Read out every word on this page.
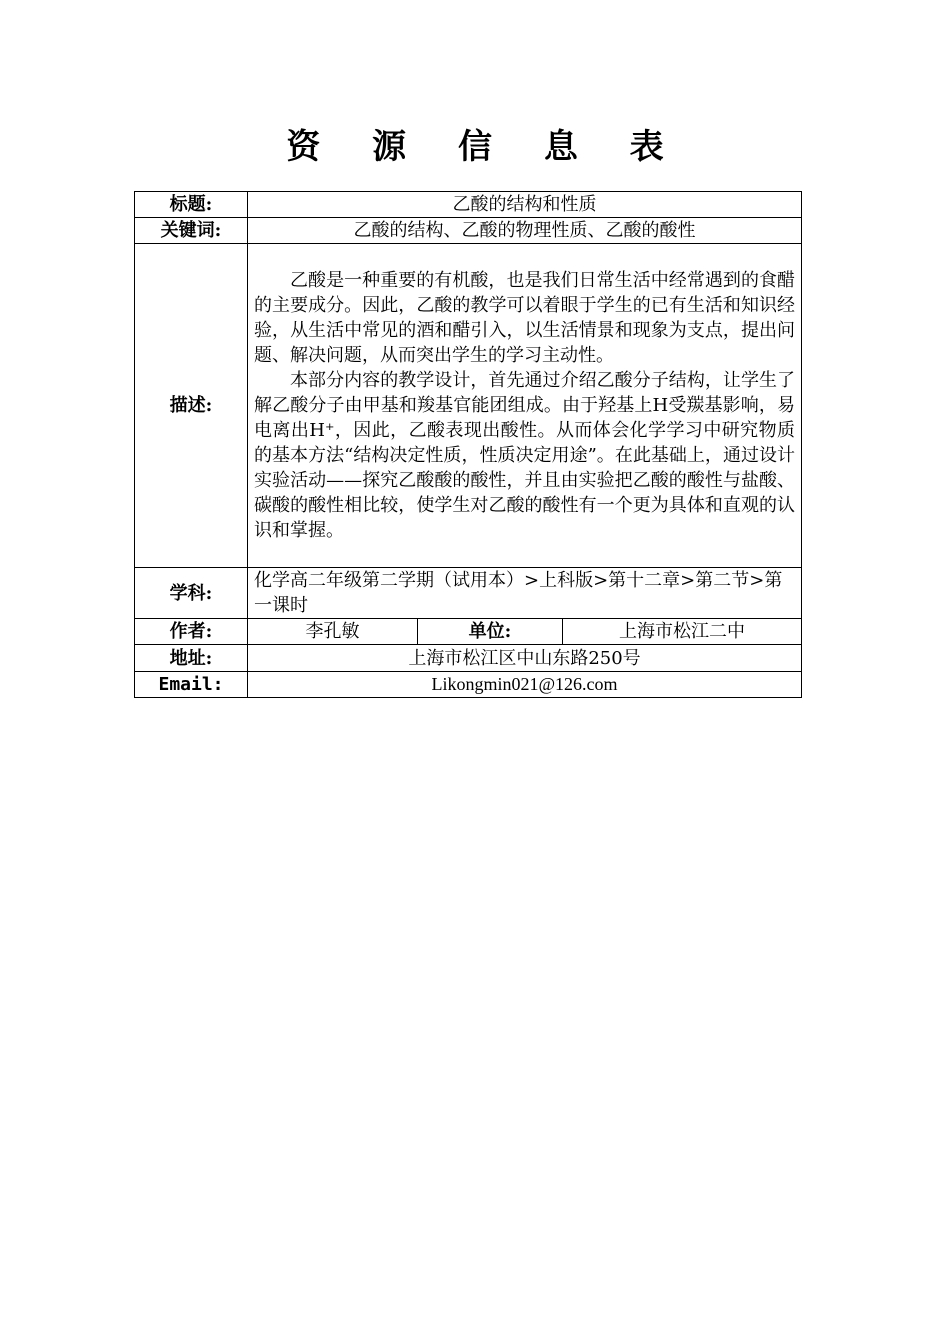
资 源 信 息 表
标题:	乙酸的结构和性质		
关键词:	乙酸的结构、乙酸的物理性质、乙酸的酸性		
描述:	乙酸是一种重要的有机酸，也是我们日常生活中经常遇到的食醋的主要成分。因此，乙酸的教学可以着眼于学生的已有生活和知识经验，从生活中常见的酒和醋引入，以生活情景和现象为支点，提出问题、解决问题，从而突出学生的学习主动性。

本部分内容的教学设计，首先通过介绍乙酸分子结构，让学生了解乙酸分子由甲基和羧基官能团组成。由于羟基上H受羰基影响，易电离出H⁺，因此，乙酸表现出酸性。从而体会化学学习中研究物质的基本方法“结构决定性质，性质决定用途”。在此基础上，通过设计实验活动——探究乙酸酸的酸性，并且由实验把乙酸的酸性与盐酸、碳酸的酸性相比较，使学生对乙酸的酸性有一个更为具体和直观的认识和掌握。		

学科:	化学高二年级第二学期（试用本）>上科版>第十二章>第二节>第一课时		
作者:	李孔敏	单位:	上海市松江二中
地址:	上海市松江区中山东路250号		
Email:	Likongmin021@126.com		
